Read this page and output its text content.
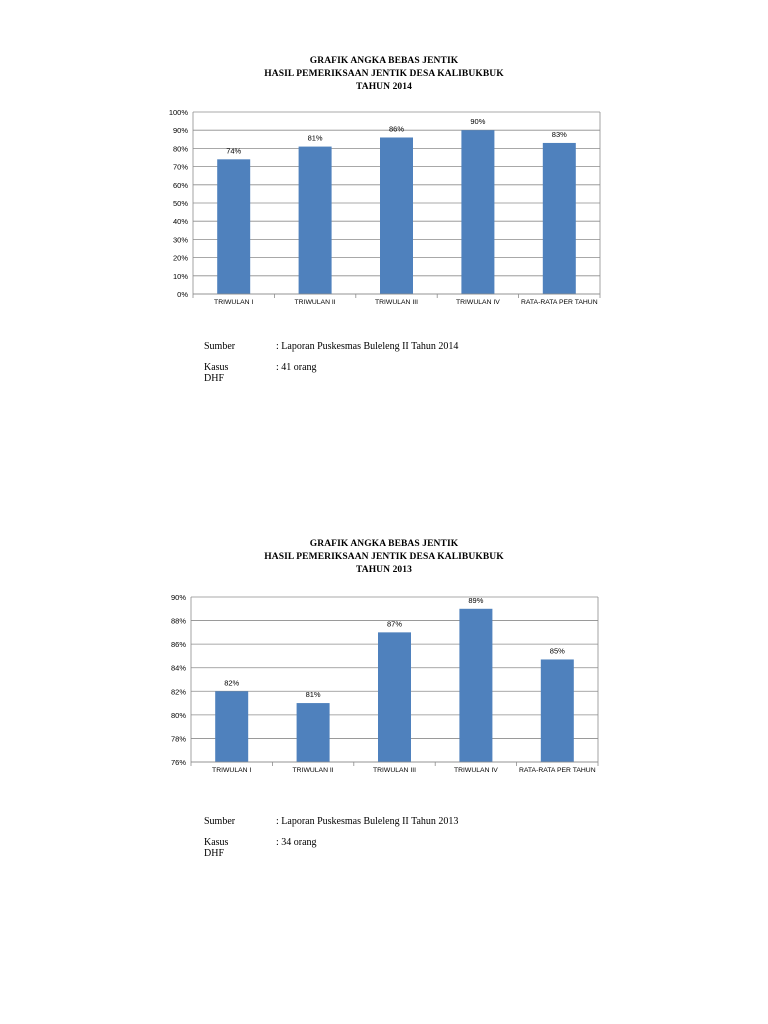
GRAFIK ANGKA BEBAS JENTIK
HASIL PEMERIKSAAN JENTIK DESA KALIBUKBUK
TAHUN 2014
0%
10%
20%
30%
40%
50%
60%
70%
80%
90%
100%
74%
TRIWULAN I
81%
TRIWULAN II
86%
TRIWULAN III
90%
TRIWULAN IV
83%
RATA-RATA PER TAHUN
Sumber	: Laporan Puskesmas Buleleng II Tahun 2014
Kasus DHF
: 41 orang
GRAFIK ANGKA BEBAS JENTIK
HASIL PEMERIKSAAN JENTIK DESA KALIBUKBUK
TAHUN 2013
76%
78%
80%
82%
84%
86%
88%
90%
82%
TRIWULAN I
81%
TRIWULAN II
87%
TRIWULAN III
89%
TRIWULAN IV
85%
RATA-RATA PER TAHUN
Sumber	: Laporan Puskesmas Buleleng II Tahun 2013
Kasus DHF
: 34 orang
